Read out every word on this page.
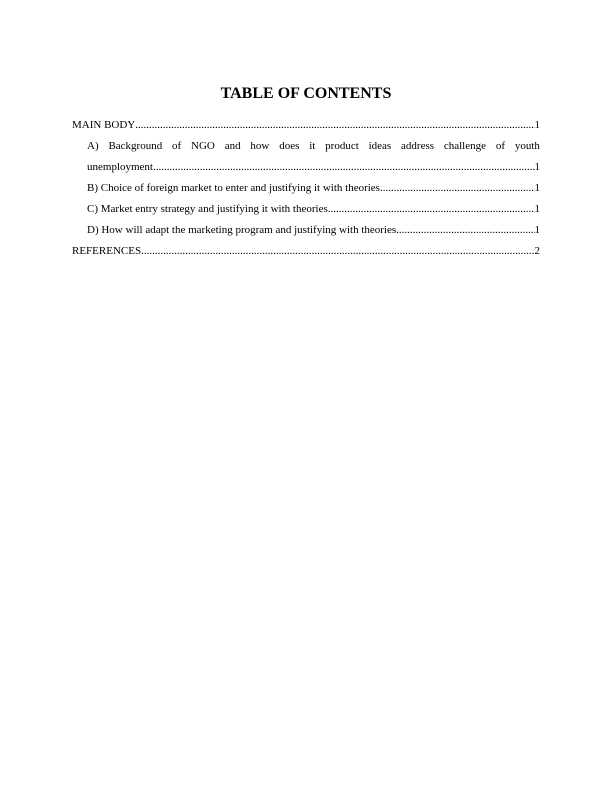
TABLE OF CONTENTS
MAIN BODY .....	1
A) Background of NGO and how does it product ideas address challenge of youth
unemployment .....	1
B) Choice of foreign market to enter and justifying it with theories .....	1
C) Market entry strategy and justifying it with theories .....	1
D) How will adapt the marketing program and justifying with theories .....	1
REFERENCES .....	2
